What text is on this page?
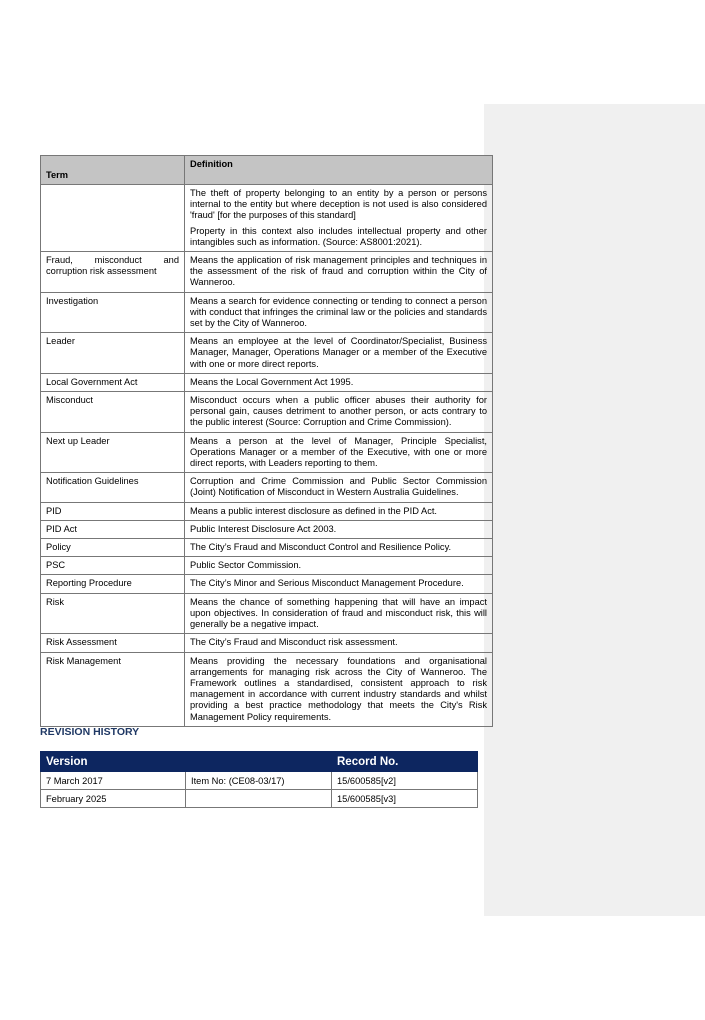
Term	Definition

	The theft of property belonging to an entity by a person or persons internal to the entity but where deception is not used is also considered 'fraud' [for the purposes of this standard]
Property in this context also includes intellectual property and other intangibles such as information. (Source: AS8001:2021).

Fraud, misconduct and corruption risk assessment	Means the application of risk management principles and techniques in the assessment of the risk of fraud and corruption within the City of Wanneroo.

Investigation	Means a search for evidence connecting or tending to connect a person with conduct that infringes the criminal law or the policies and standards set by the City of Wanneroo.

Leader	Means an employee at the level of Coordinator/Specialist, Business Manager, Manager, Operations Manager or a member of the Executive with one or more direct reports.

Local Government Act	Means the Local Government Act 1995.

Misconduct	Misconduct occurs when a public officer abuses their authority for personal gain, causes detriment to another person, or acts contrary to the public interest (Source: Corruption and Crime Commission).

Next up Leader	Means a person at the level of Manager, Principle Specialist, Operations Manager or a member of the Executive, with one or more direct reports, with Leaders reporting to them.

Notification Guidelines	Corruption and Crime Commission and Public Sector Commission (Joint) Notification of Misconduct in Western Australia Guidelines.

PID	Means a public interest disclosure as defined in the PID Act.

PID Act	Public Interest Disclosure Act 2003.

Policy	The City’s Fraud and Misconduct Control and Resilience Policy.

PSC	Public Sector Commission.

Reporting Procedure	The City’s Minor and Serious Misconduct Management Procedure.

Risk	Means the chance of something happening that will have an impact upon objectives. In consideration of fraud and misconduct risk, this will generally be a negative impact.

Risk Assessment	The City’s Fraud and Misconduct risk assessment.

Risk Management	Means providing the necessary foundations and organisational arrangements for managing risk across the City of Wanneroo. The Framework outlines a standardised, consistent approach to risk management in accordance with current industry standards and whilst providing a best practice methodology that meets the City's Risk Management Policy requirements.
REVISION HISTORY
Version		Record No.
7 March 2017	Item No: (CE08-03/17)	15/600585[v2]
February 2025		15/600585[v3]
